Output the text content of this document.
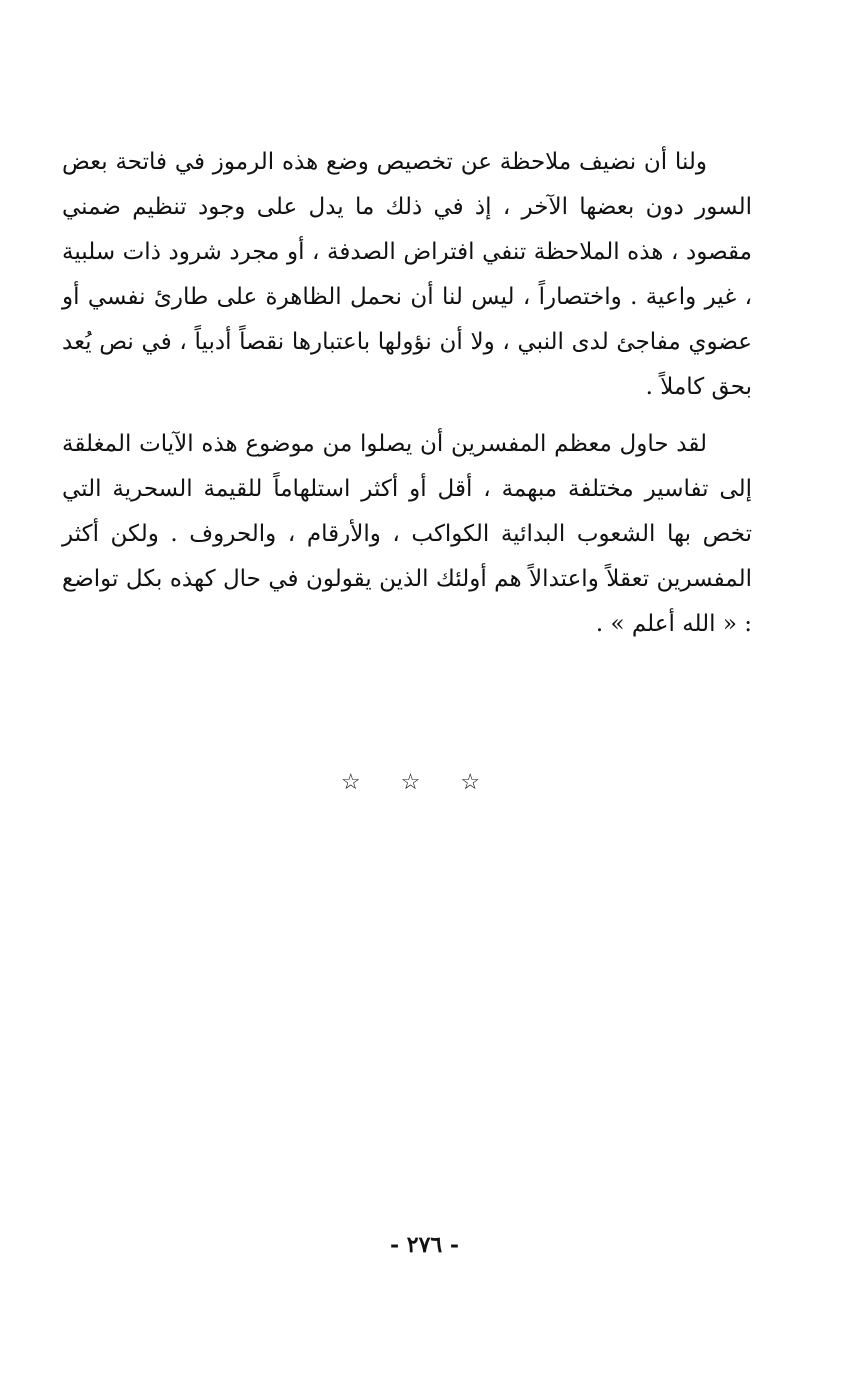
ولنا أن نضيف ملاحظة عن تخصيص وضع هذه الرموز في فاتحة بعض السور دون بعضها الآخر ، إذ في ذلك ما يدل على وجود تنظيم ضمني مقصود ، هذه الملاحظة تنفي افتراض الصدفة ، أو مجرد شرود ذات سلبية ، غير واعية . واختصاراً ، ليس لنا أن نحمل الظاهرة على طارئ نفسي أو عضوي مفاجئ لدى النبي ، ولا أن نؤولها باعتبارها نقصاً أدبياً ، في نص يُعد بحق كاملاً .

لقد حاول معظم المفسرين أن يصلوا من موضوع هذه الآيات المغلقة إلى تفاسير مختلفة مبهمة ، أقل أو أكثر استلهاماً للقيمة السحرية التي تخص بها الشعوب البدائية الكواكب ، والأرقام ، والحروف . ولكن أكثر المفسرين تعقلاً واعتدالاً هم أولئك الذين يقولون في حال كهذه بكل تواضع : « الله أعلم » .

☆ ☆ ☆
- ٢٧٦ -
